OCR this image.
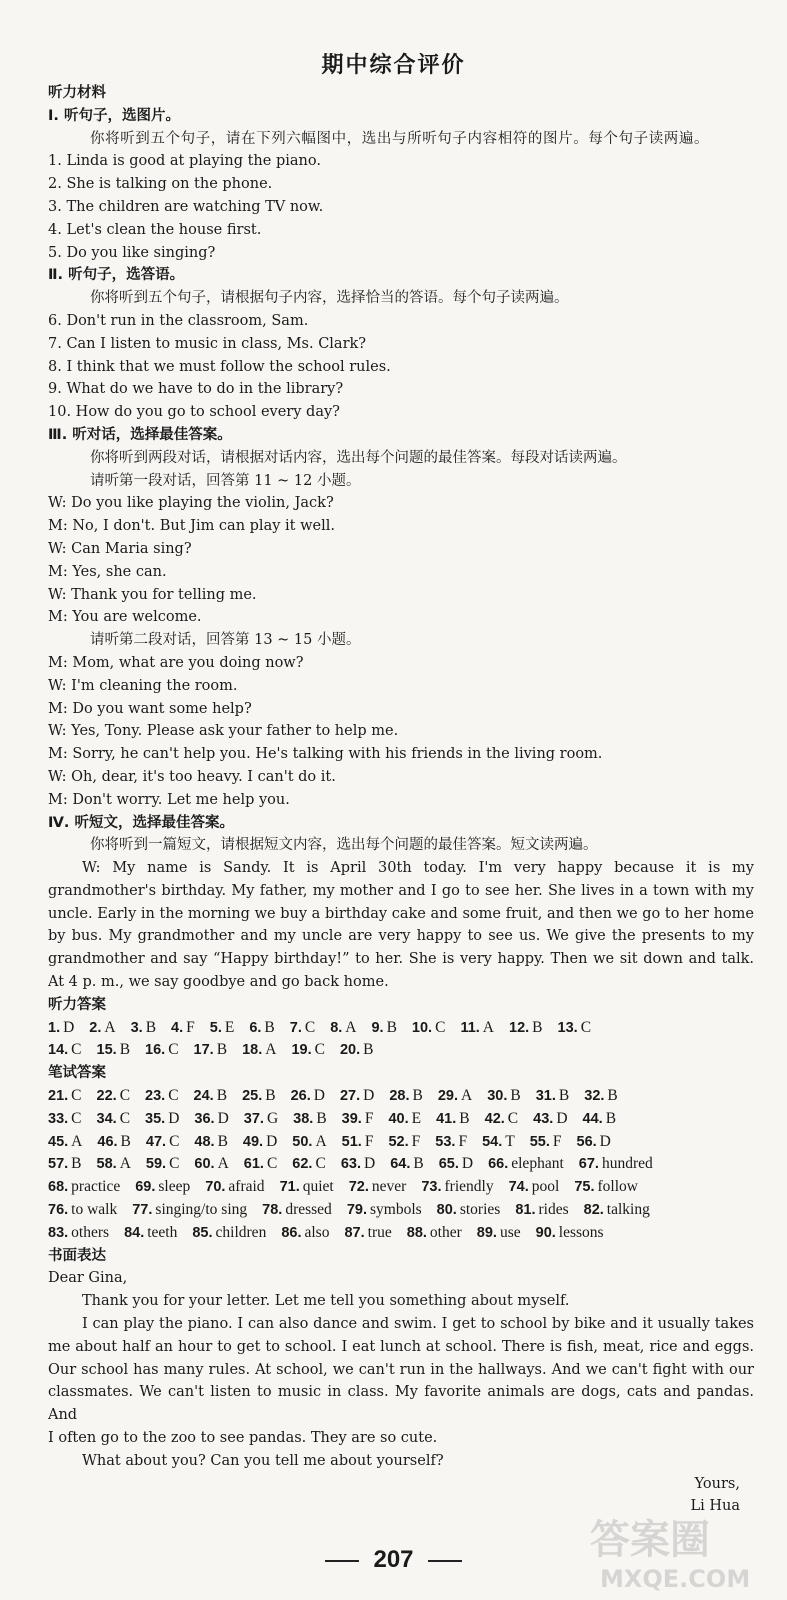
期中综合评价
听力材料
Ⅰ. 听句子，选图片。
你将听到五个句子，请在下列六幅图中，选出与所听句子内容相符的图片。每个句子读两遍。
1. Linda is good at playing the piano.
2. She is talking on the phone.
3. The children are watching TV now.
4. Let's clean the house first.
5. Do you like singing?
Ⅱ. 听句子，选答语。
你将听到五个句子，请根据句子内容，选择恰当的答语。每个句子读两遍。
6. Don't run in the classroom, Sam.
7. Can I listen to music in class, Ms. Clark?
8. I think that we must follow the school rules.
9. What do we have to do in the library?
10. How do you go to school every day?
Ⅲ. 听对话，选择最佳答案。
你将听到两段对话，请根据对话内容，选出每个问题的最佳答案。每段对话读两遍。
请听第一段对话，回答第 11 ~ 12 小题。
W: Do you like playing the violin, Jack?
M: No, I don't. But Jim can play it well.
W: Can Maria sing?
M: Yes, she can.
W: Thank you for telling me.
M: You are welcome.
请听第二段对话，回答第 13 ~ 15 小题。
M: Mom, what are you doing now?
W: I'm cleaning the room.
M: Do you want some help?
W: Yes, Tony. Please ask your father to help me.
M: Sorry, he can't help you. He's talking with his friends in the living room.
W: Oh, dear, it's too heavy. I can't do it.
M: Don't worry. Let me help you.
Ⅳ. 听短文，选择最佳答案。
你将听到一篇短文，请根据短文内容，选出每个问题的最佳答案。短文读两遍。
W: My name is Sandy. It is April 30th today. I'm very happy because it is my
grandmother's birthday. My father, my mother and I go to see her. She lives in a town with my
uncle. Early in the morning we buy a birthday cake and some fruit, and then we go to her home
by bus. My grandmother and my uncle are very happy to see us. We give the presents to my
grandmother and say “Happy birthday!” to her. She is very happy. Then we sit down and talk.
At 4 p. m., we say goodbye and go back home.
听力答案
1. D 2. A 3. B 4. F 5. E 6. B 7. C 8. A 9. B 10. C 11. A 12. B 13. C
14. C 15. B 16. C 17. B 18. A 19. C 20. B
笔试答案
21. C 22. C 23. C 24. B 25. B 26. D 27. D 28. B 29. A 30. B 31. B 32. B
33. C 34. C 35. D 36. D 37. G 38. B 39. F 40. E 41. B 42. C 43. D 44. B
45. A 46. B 47. C 48. B 49. D 50. A 51. F 52. F 53. F 54. T 55. F 56. D
57. B 58. A 59. C 60. A 61. C 62. C 63. D 64. B 65. D 66. elephant 67. hundred
68. practice 69. sleep 70. afraid 71. quiet 72. never 73. friendly 74. pool 75. follow
76. to walk 77. singing/to sing 78. dressed 79. symbols 80. stories 81. rides 82. talking
83. others 84. teeth 85. children 86. also 87. true 88. other 89. use 90. lessons
书面表达
Dear Gina,
Thank you for your letter. Let me tell you something about myself.
I can play the piano. I can also dance and swim. I get to school by bike and it usually takes
me about half an hour to get to school. I eat lunch at school. There is fish, meat, rice and eggs.
Our school has many rules. At school, we can't run in the hallways. And we can't fight with our
classmates. We can't listen to music in class. My favorite animals are dogs, cats and pandas. And
I often go to the zoo to see pandas. They are so cute.
What about you? Can you tell me about yourself?
Yours,
Li Hua
207	答案圈
MXQE.COM
